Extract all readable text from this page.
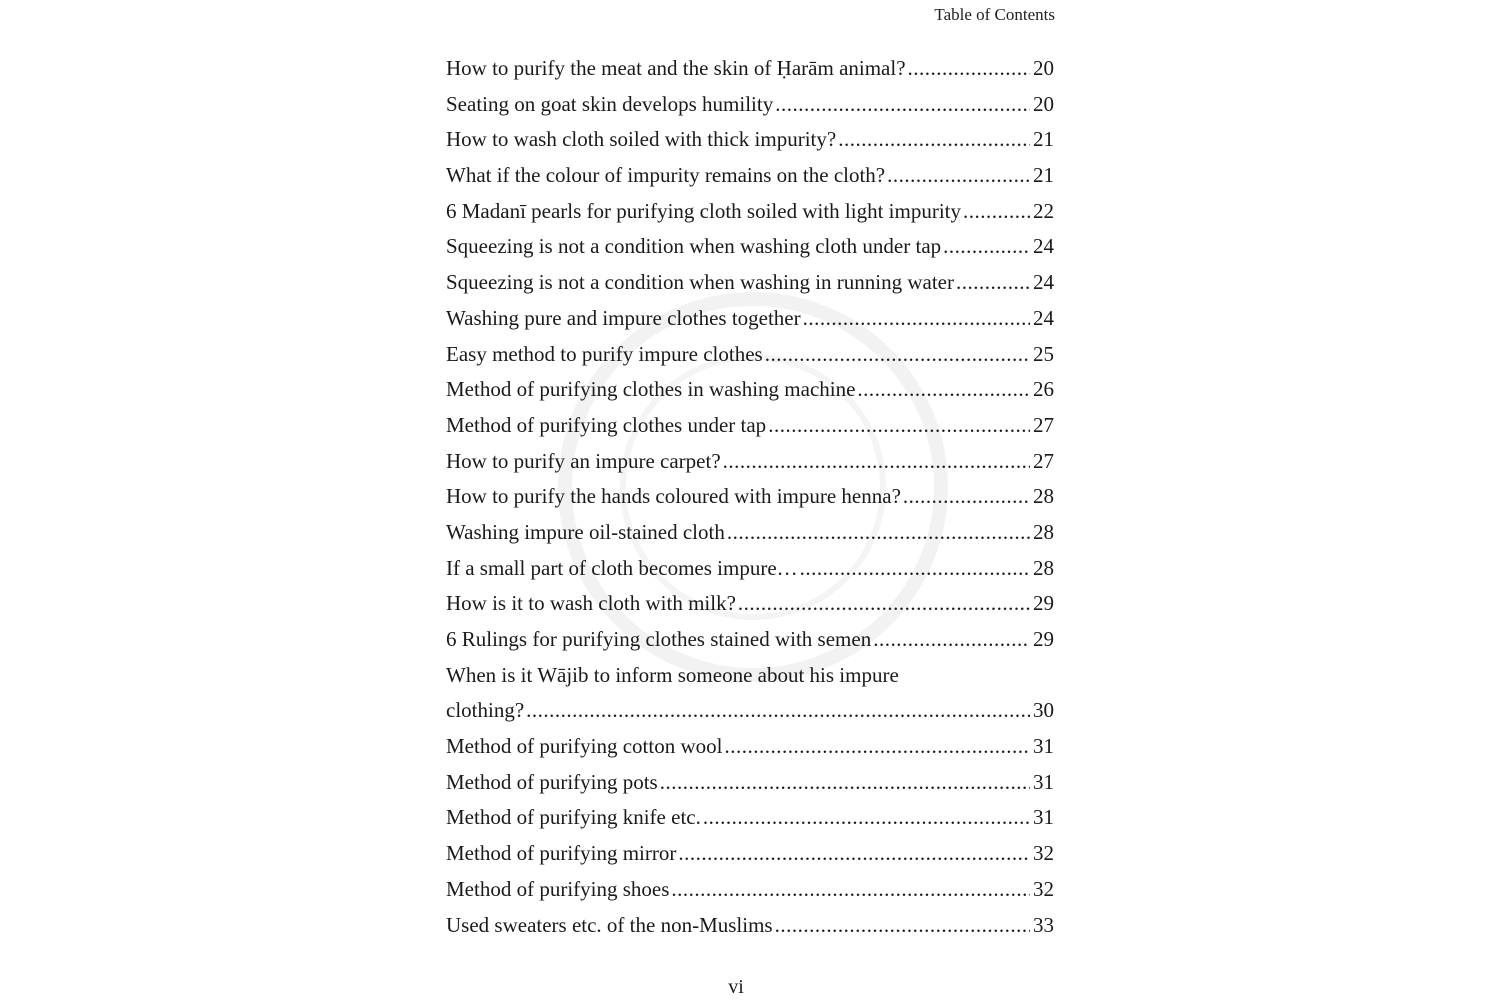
Table of Contents
How to purify the meat and the skin of Ḥarām animal? .....	20
Seating on goat skin develops humility .....	20
How to wash cloth soiled with thick impurity? .....	21
What if the colour of impurity remains on the cloth? .....	21
6 Madanī pearls for purifying cloth soiled with light impurity .....	22
Squeezing is not a condition when washing cloth under tap .....	24
Squeezing is not a condition when washing in running water .....	24
Washing pure and impure clothes together .....	24
Easy method to purify impure clothes .....	25
Method of purifying clothes in washing machine .....	26
Method of purifying clothes under tap .....	27
How to purify an impure carpet? .....	27
How to purify the hands coloured with impure henna? .....	28
Washing impure oil-stained cloth .....	28
If a small part of cloth becomes impure… .....	28
How is it to wash cloth with milk? .....	29
6 Rulings for purifying clothes stained with semen .....	29
When is it Wājib to inform someone about his impure
clothing? .....	30
Method of purifying cotton wool .....	31
Method of purifying pots .....	31
Method of purifying knife etc. .....	31
Method of purifying mirror .....	32
Method of purifying shoes .....	32
Used sweaters etc. of the non-Muslims .....	33
vi
